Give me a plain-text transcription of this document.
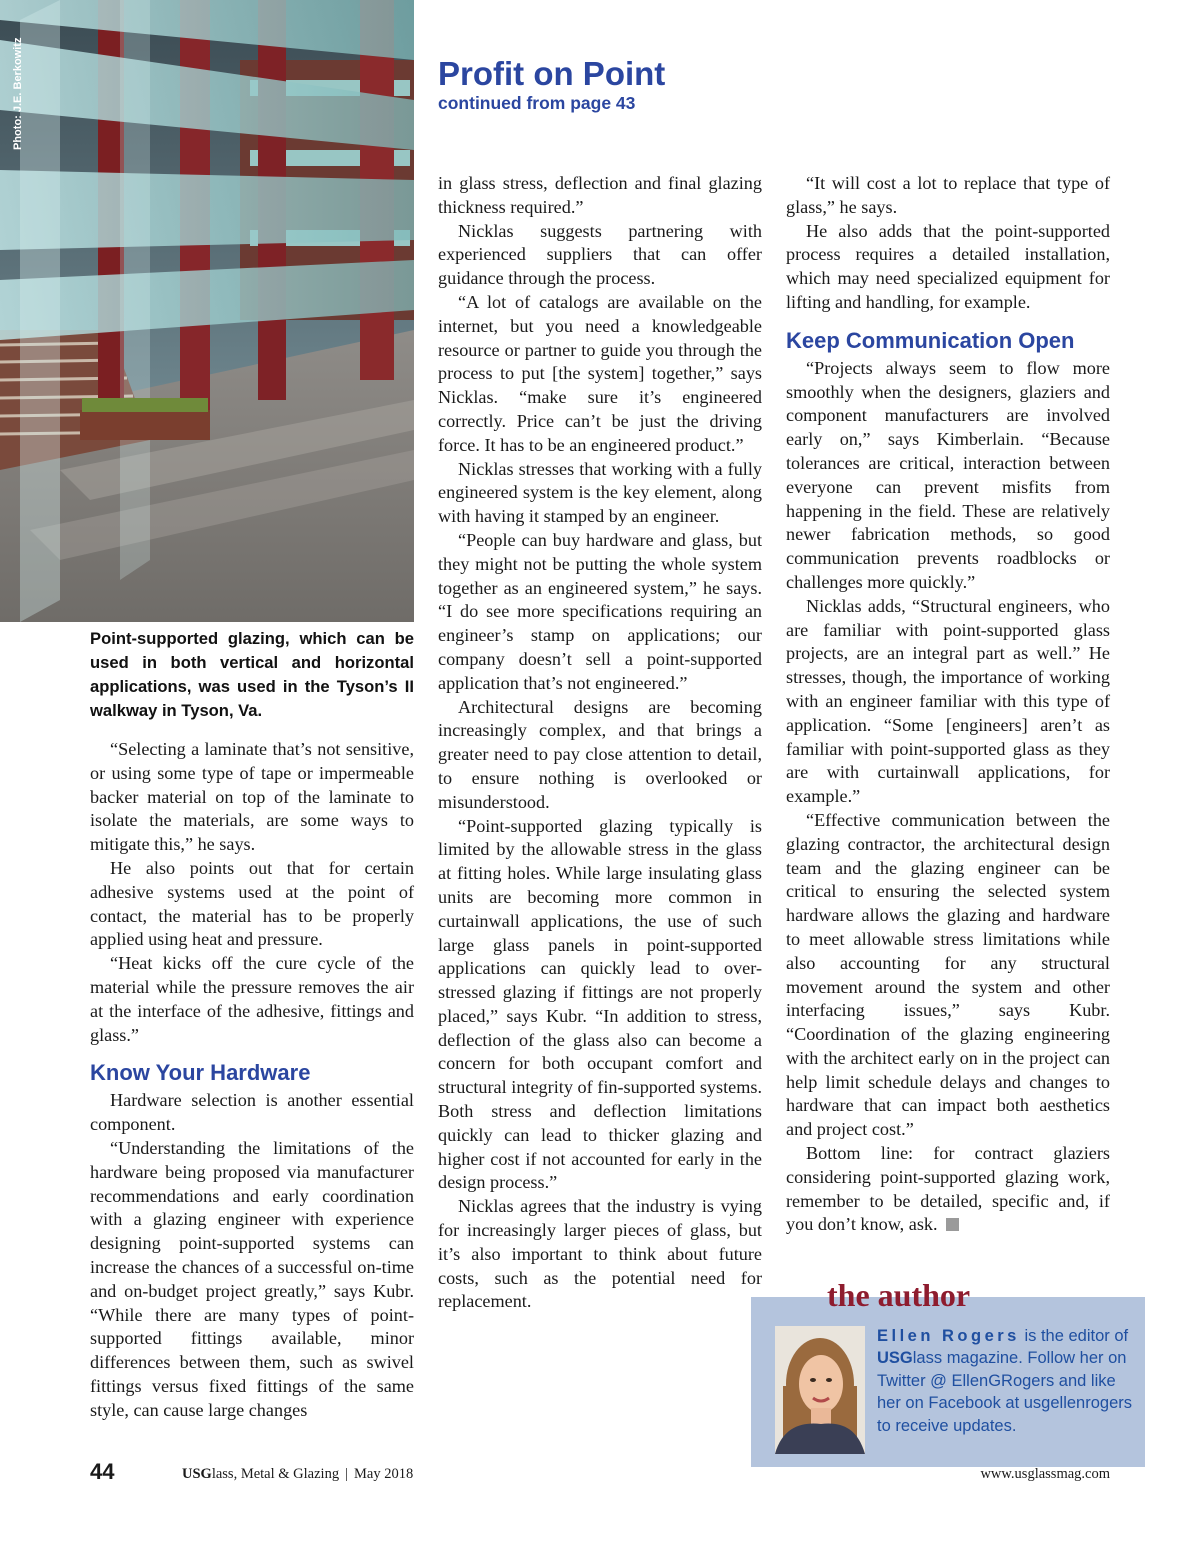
Photo: J.E. Berkowitz
Point-supported glazing, which can be used in both vertical and horizontal applications, was used in the Tyson’s II walkway in Tyson, Va.
Profit on Point
continued from page 43

“Selecting a laminate that’s not sensitive, or using some type of tape or impermeable backer material on top of the laminate to isolate the materials, are some ways to mitigate this,” he says.

He also points out that for certain adhesive systems used at the point of contact, the material has to be properly applied using heat and pressure.

“Heat kicks off the cure cycle of the material while the pressure removes the air at the interface of the adhesive, fittings and glass.”

Know Your Hardware

Hardware selection is another essential component.

“Understanding the limitations of the hardware being proposed via manufacturer recommendations and early coordination with a glazing engineer with experience designing point-supported systems can increase the chances of a successful on-time and on-budget project greatly,” says Kubr. “While there are many types of point-supported fittings available, minor differences between them, such as swivel fittings versus fixed fittings of the same style, can cause large changes

in glass stress, deflection and final glazing thickness required.”

Nicklas suggests partnering with experienced suppliers that can offer guidance through the process.

“A lot of catalogs are available on the internet, but you need a knowledgeable resource or partner to guide you through the process to put [the system] together,” says Nicklas. “make sure it’s engineered correctly. Price can’t be just the driving force. It has to be an engineered product.”

Nicklas stresses that working with a fully engineered system is the key element, along with having it stamped by an engineer.

“People can buy hardware and glass, but they might not be putting the whole system together as an engineered system,” he says. “I do see more specifications requiring an engineer’s stamp on applications; our company doesn’t sell a point-supported application that’s not engineered.”

Architectural designs are becoming increasingly complex, and that brings a greater need to pay close attention to detail, to ensure nothing is overlooked or misunderstood.

“Point-supported glazing typically is limited by the allowable stress in the glass at fitting holes. While large insulating glass units are becoming more common in curtainwall applications, the use of such large glass panels in point-supported applications can quickly lead to over-stressed glazing if fittings are not properly placed,” says Kubr. “In addition to stress, deflection of the glass also can become a concern for both occupant comfort and structural integrity of fin-supported systems. Both stress and deflection limitations quickly can lead to thicker glazing and higher cost if not accounted for early in the design process.”

Nicklas agrees that the industry is vying for increasingly larger pieces of glass, but it’s also important to think about future costs, such as the potential need for replacement.

“It will cost a lot to replace that type of glass,” he says.

He also adds that the point-supported process requires a detailed installation, which may need specialized equipment for lifting and handling, for example.

Keep Communication Open

“Projects always seem to flow more smoothly when the designers, glaziers and component manufacturers are involved early on,” says Kimberlain. “Because tolerances are critical, interaction between everyone can prevent misfits from happening in the field. These are relatively newer fabrication methods, so good communication prevents roadblocks or challenges more quickly.”

Nicklas adds, “Structural engineers, who are familiar with point-supported glass projects, are an integral part as well.” He stresses, though, the importance of working with an engineer familiar with this type of application. “Some [engineers] aren’t as familiar with point-supported glass as they are with curtainwall applications, for example.”

“Effective communication between the glazing contractor, the architectural design team and the glazing engineer can be critical to ensuring the selected system hardware allows the glazing and hardware to meet allowable stress limitations while also accounting for any structural movement around the system and other interfacing issues,” says Kubr. “Coordination of the glazing engineering with the architect early on in the project can help limit schedule delays and changes to hardware that can impact both aesthetics and project cost.”

Bottom line: for contract glaziers considering point-supported glazing work, remember to be detailed, specific and, if you don’t know, ask.

the author
Ellen Rogers is the editor of USGlass magazine. Follow her on Twitter @ EllenGRogers and like her on Facebook at usgellenrogers to receive updates.
44	USGlass, Metal & Glazing | May 2018	www.usglassmag.com
